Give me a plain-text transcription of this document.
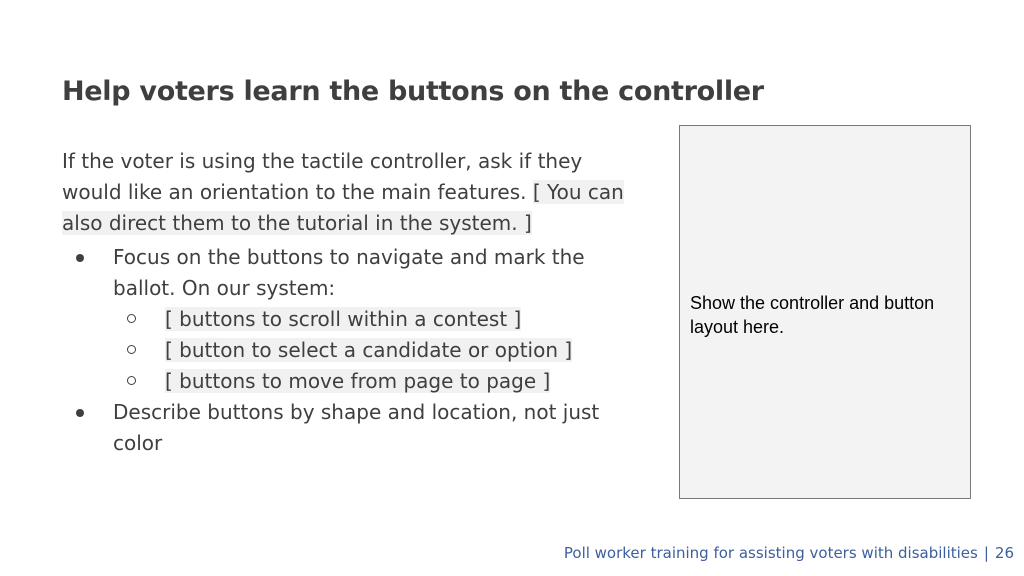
Help voters learn the buttons on the controller

If the voter is using the tactile controller, ask if they would like an orientation to the main features. [ You can also direct them to the tutorial in the system. ]

Focus on the buttons to navigate and mark the ballot. On our system:
[ buttons to scroll within a contest ]
[ button to select a candidate or option ]
[ buttons to move from page to page ]
Describe buttons by shape and location, not just color
Show the controller and button layout here.
Poll worker training for assisting voters with disabilities | 26
